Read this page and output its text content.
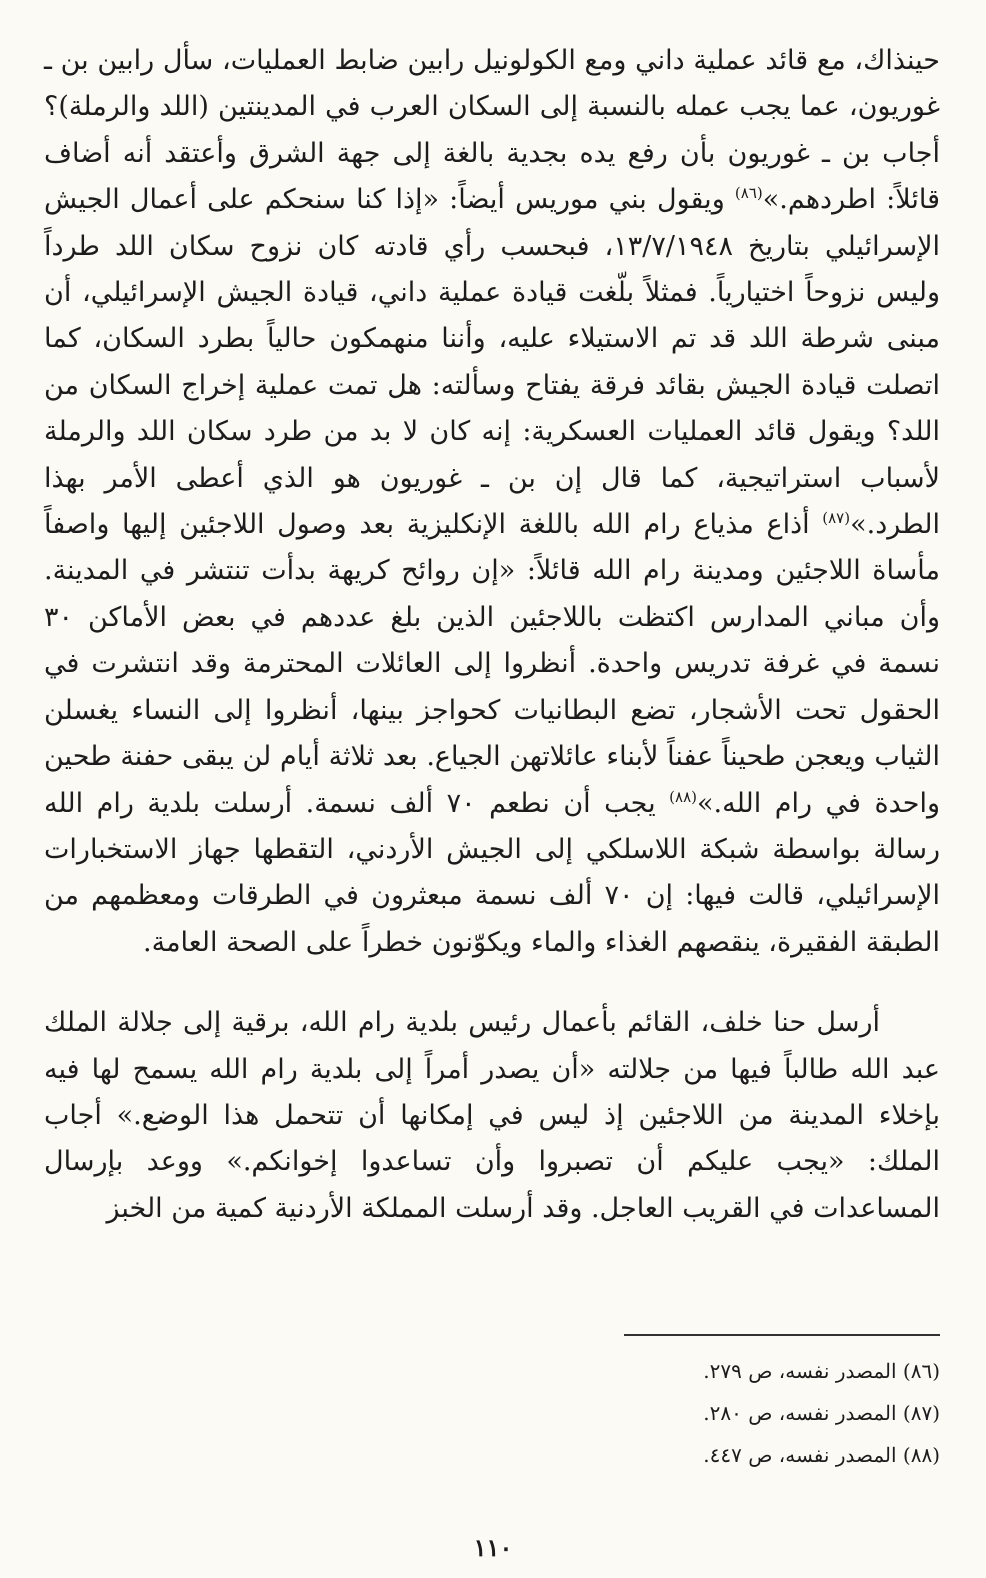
حينذاك، مع قائد عملية داني ومع الكولونيل رابين ضابط العمليات، سأل رابين بن ـ غوريون، عما يجب عمله بالنسبة إلى السكان العرب في المدينتين (اللد والرملة)؟ أجاب بن ـ غوريون بأن رفع يده بجدية بالغة إلى جهة الشرق وأعتقد أنه أضاف قائلاً: اطردهم.»$^{(٨٦)}$ ويقول بني موريس أيضاً: «إذا كنا سنحكم على أعمال الجيش الإسرائيلي بتاريخ ١٣/٧/١٩٤٨، فبحسب رأي قادته كان نزوح سكان اللد طرداً وليس نزوحاً اختيارياً. فمثلاً بلّغت قيادة عملية داني، قيادة الجيش الإسرائيلي، أن مبنى شرطة اللد قد تم الاستيلاء عليه، وأننا منهمكون حالياً بطرد السكان، كما اتصلت قيادة الجيش بقائد فرقة يفتاح وسألته: هل تمت عملية إخراج السكان من اللد؟ ويقول قائد العمليات العسكرية: إنه كان لا بد من طرد سكان اللد والرملة لأسباب استراتيجية، كما قال إن بن ـ غوريون هو الذي أعطى الأمر بهذا الطرد.»$^{(٨٧)}$ أذاع مذياع رام الله باللغة الإنكليزية بعد وصول اللاجئين إليها واصفاً مأساة اللاجئين ومدينة رام الله قائلاً: «إن روائح كريهة بدأت تنتشر في المدينة. وأن مباني المدارس اكتظت باللاجئين الذين بلغ عددهم في بعض الأماكن ٣٠ نسمة في غرفة تدريس واحدة. أنظروا إلى العائلات المحترمة وقد انتشرت في الحقول تحت الأشجار، تضع البطانيات كحواجز بينها، أنظروا إلى النساء يغسلن الثياب ويعجن طحيناً عفناً لأبناء عائلاتهن الجياع. بعد ثلاثة أيام لن يبقى حفنة طحين واحدة في رام الله.»$^{(٨٨)}$ يجب أن نطعم ٧٠ ألف نسمة. أرسلت بلدية رام الله رسالة بواسطة شبكة اللاسلكي إلى الجيش الأردني، التقطها جهاز الاستخبارات الإسرائيلي، قالت فيها: إن ٧٠ ألف نسمة مبعثرون في الطرقات ومعظمهم من الطبقة الفقيرة، ينقصهم الغذاء والماء ويكوّنون خطراً على الصحة العامة.

أرسل حنا خلف، القائم بأعمال رئيس بلدية رام الله، برقية إلى جلالة الملك عبد الله طالباً فيها من جلالته «أن يصدر أمراً إلى بلدية رام الله يسمح لها فيه بإخلاء المدينة من اللاجئين إذ ليس في إمكانها أن تتحمل هذا الوضع.» أجاب الملك: «يجب عليكم أن تصبروا وأن تساعدوا إخوانكم.» ووعد بإرسال المساعدات في القريب العاجل. وقد أرسلت المملكة الأردنية كمية من الخبز

(٨٦) المصدر نفسه، ص ٢٧٩.

(٨٧) المصدر نفسه، ص ٢٨٠.

(٨٨) المصدر نفسه، ص ٤٤٧.

١١٠
